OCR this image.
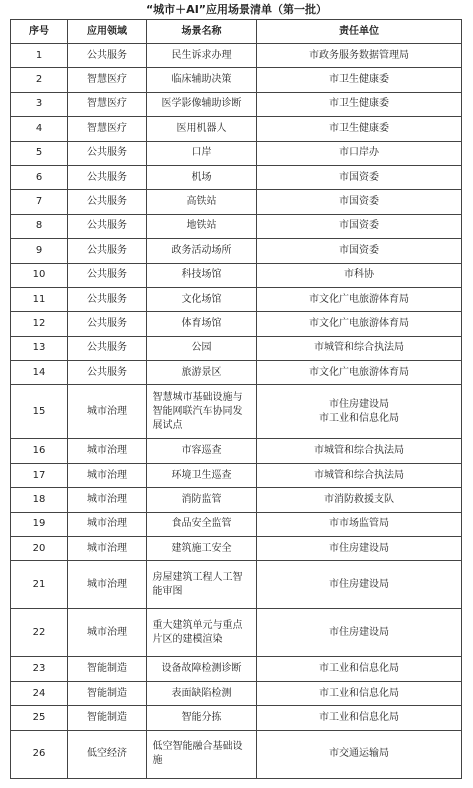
“城市＋AI”应用场景清单（第一批）
序号	应用领域	场景名称	责任单位
1	公共服务	民生诉求办理	市政务服务数据管理局

2	智慧医疗	临床辅助决策	市卫生健康委

3	智慧医疗	医学影像辅助诊断	市卫生健康委

4	智慧医疗	医用机器人	市卫生健康委

5	公共服务	口岸	市口岸办

6	公共服务	机场	市国资委

7	公共服务	高铁站	市国资委

8	公共服务	地铁站	市国资委

9	公共服务	政务活动场所	市国资委

10	公共服务	科技场馆	市科协

11	公共服务	文化场馆	市文化广电旅游体育局

12	公共服务	体育场馆	市文化广电旅游体育局

13	公共服务	公园	市城管和综合执法局

14	公共服务	旅游景区	市文化广电旅游体育局

15	城市治理	智慧城市基础设施与智能网联汽车协同发展试点	市住房建设局
市工业和信息化局

16	城市治理	市容巡查	市城管和综合执法局

17	城市治理	环境卫生巡查	市城管和综合执法局

18	城市治理	消防监管	市消防救援支队

19	城市治理	食品安全监管	市市场监管局

20	城市治理	建筑施工安全	市住房建设局

21	城市治理	房屋建筑工程人工智能审图	市住房建设局

22	城市治理	重大建筑单元与重点片区的建模渲染	市住房建设局

23	智能制造	设备故障检测诊断	市工业和信息化局

24	智能制造	表面缺陷检测	市工业和信息化局

25	智能制造	智能分拣	市工业和信息化局

26	低空经济	低空智能融合基础设施	市交通运输局
